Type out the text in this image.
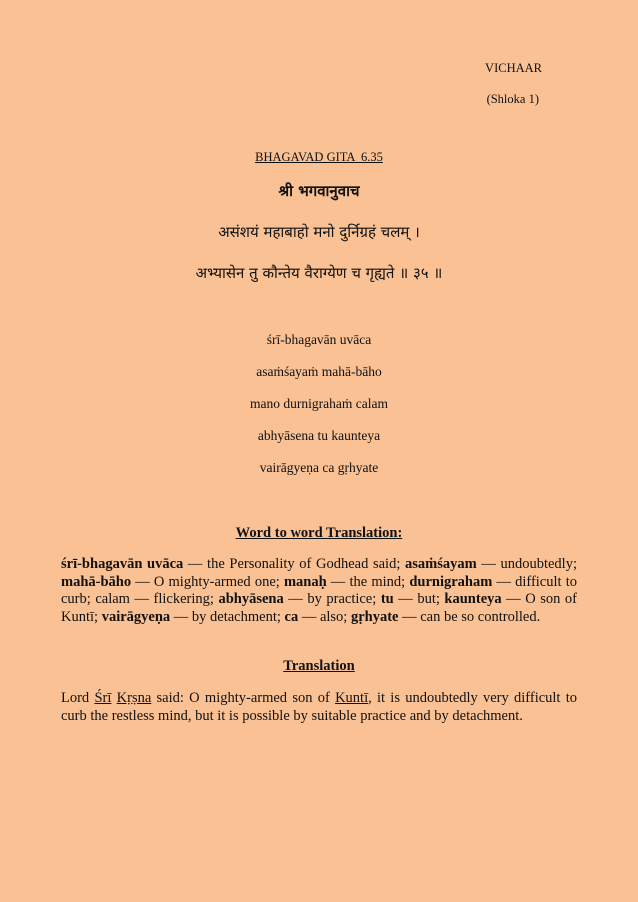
VICHAAR
(Shloka 1)
BHAGAVAD GITA  6.35
श्री भगवानुवाच
असंशयं महाबाहो मनो दुर्निग्रहं चलम् ।
अभ्यासेन तु कौन्तेय वैराग्येण च गृह्यते ॥ ३५ ॥
śrī-bhagavān uvāca
asaṁśayaṁ mahā-bāho
mano durnigrahaṁ calam
abhyāsena tu kaunteya
vairāgyeṇa ca gṛhyate
Word to word Translation:
śrī-bhagavān uvāca — the Personality of Godhead said; asaṁśayam — undoubtedly; mahā-bāho — O mighty-armed one; manaḥ — the mind; durnigraham — difficult to curb; calam — flickering; abhyāsena — by practice; tu — but; kaunteya — O son of Kuntī; vairāgyeṇa — by detachment; ca — also; gṛhyate — can be so controlled.
Translation
Lord Śrī Kṛṣna said: O mighty-armed son of Kuntī, it is undoubtedly very difficult to curb the restless mind, but it is possible by suitable practice and by detachment.
